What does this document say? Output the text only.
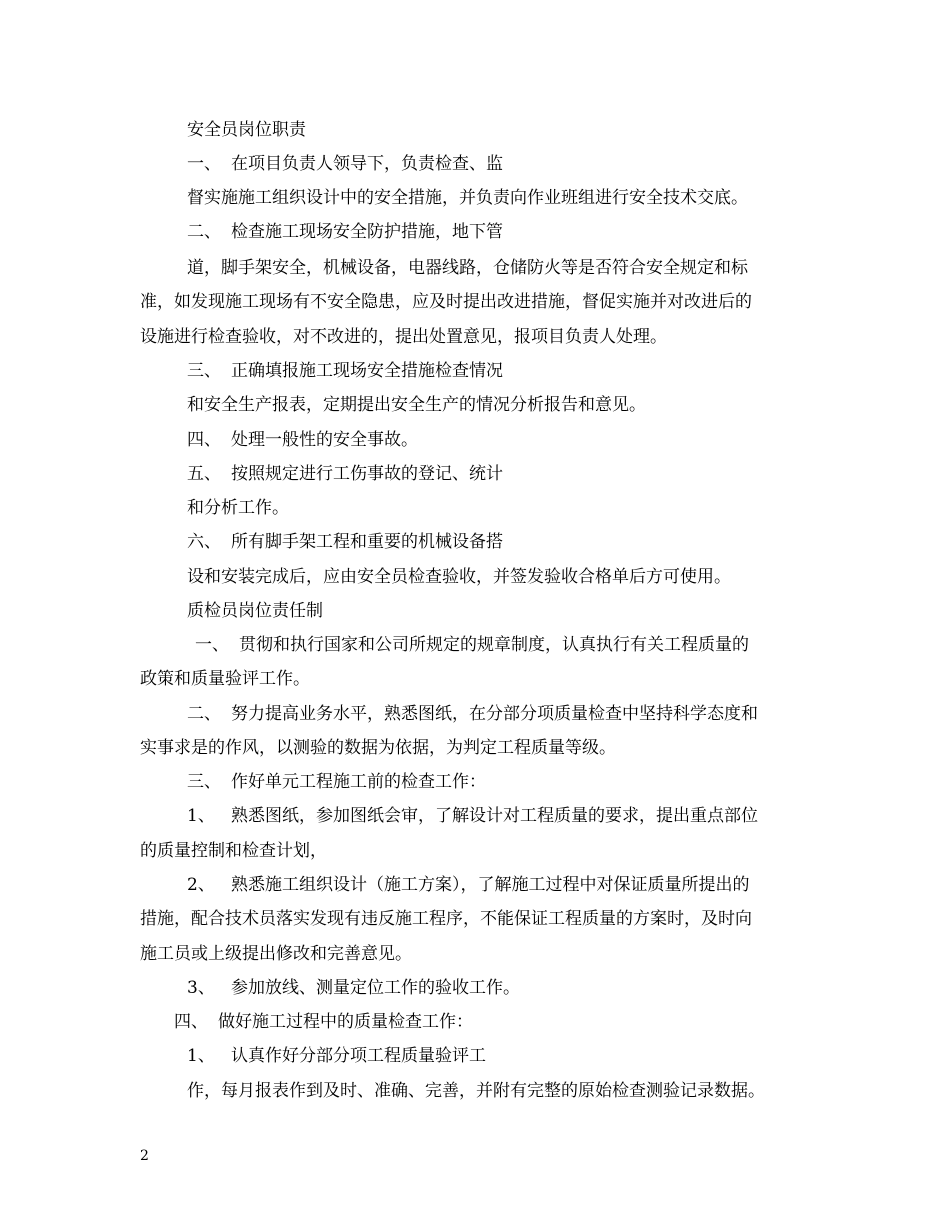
安全员岗位职责
一、 在项目负责人领导下，负责检查、监
督实施施工组织设计中的安全措施，并负责向作业班组进行安全技术交底。
二、 检查施工现场安全防护措施，地下管
道，脚手架安全，机械设备，电器线路，仓储防火等是否符合安全规定和标
准，如发现施工现场有不安全隐患，应及时提出改进措施，督促实施并对改进后的
设施进行检查验收，对不改进的，提出处置意见，报项目负责人处理。
三、 正确填报施工现场安全措施检查情况
和安全生产报表，定期提出安全生产的情况分析报告和意见。
四、 处理一般性的安全事故。
五、 按照规定进行工伤事故的登记、统计
和分析工作。
六、 所有脚手架工程和重要的机械设备搭
设和安装完成后，应由安全员检查验收，并签发验收合格单后方可使用。
质检员岗位责任制
一、 贯彻和执行国家和公司所规定的规章制度，认真执行有关工程质量的
政策和质量验评工作。
二、 努力提高业务水平，熟悉图纸，在分部分项质量检查中坚持科学态度和
实事求是的作风，以测验的数据为依据，为判定工程质量等级。
三、 作好单元工程施工前的检查工作：
1、 熟悉图纸，参加图纸会审，了解设计对工程质量的要求，提出重点部位
的质量控制和检查计划，
2、 熟悉施工组织设计（施工方案），了解施工过程中对保证质量所提出的
措施，配合技术员落实发现有违反施工程序，不能保证工程质量的方案时，及时向
施工员或上级提出修改和完善意见。
3、 参加放线、测量定位工作的验收工作。
四、 做好施工过程中的质量检查工作：
1、 认真作好分部分项工程质量验评工
作，每月报表作到及时、准确、完善，并附有完整的原始检查测验记录数据。
2
